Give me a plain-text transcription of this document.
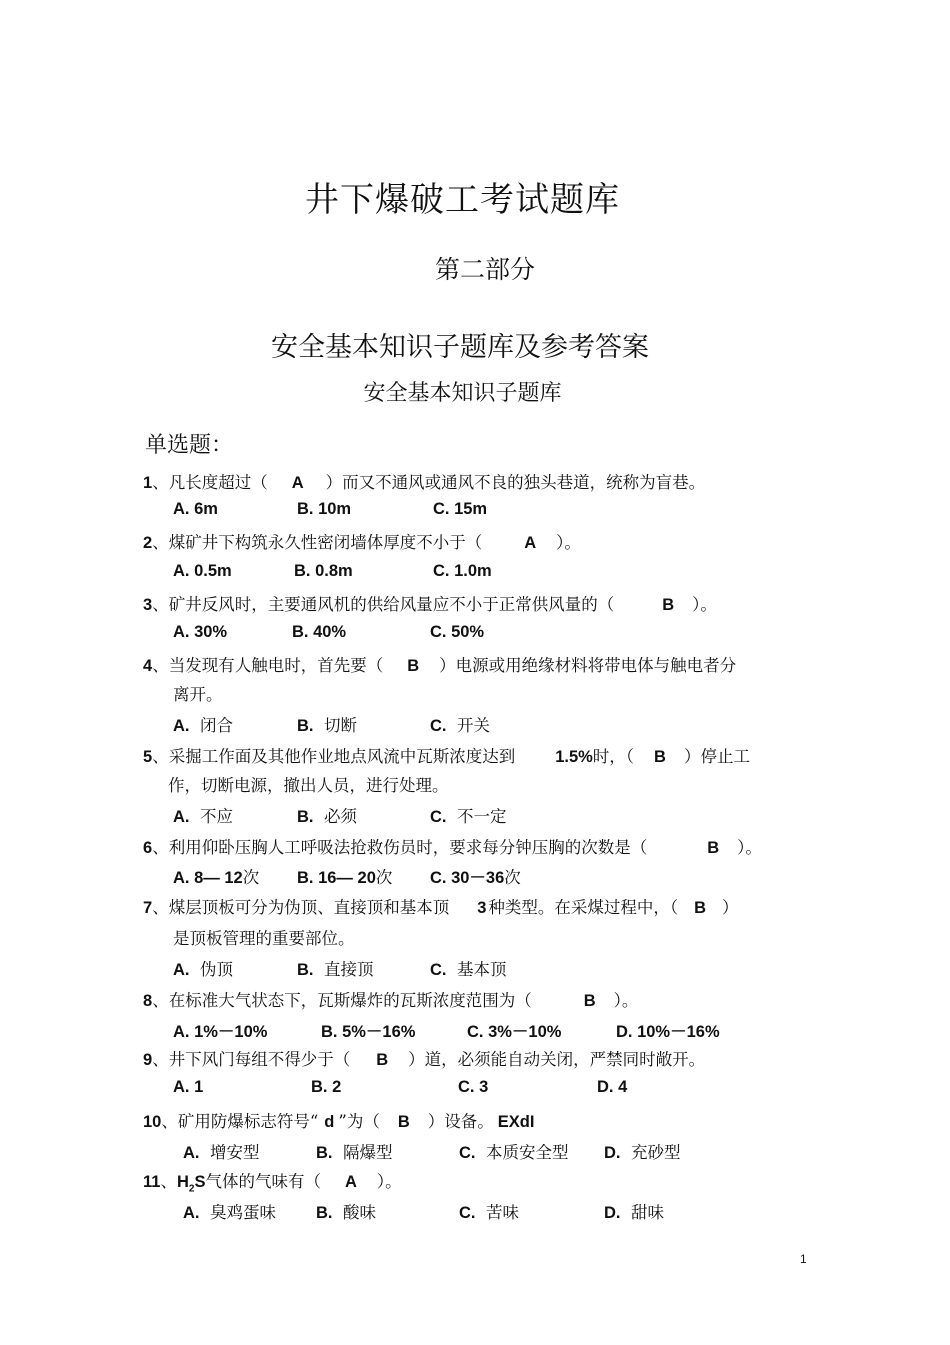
井下爆破工考试题库
第二部分
安全基本知识子题库及参考答案
安全基本知识子题库
单选题：
1、凡长度超过（ A ）而又不通风或通风不良的独头巷道，统称为盲巷。
A. 6m	B. 10m	C. 15m
2、煤矿井下构筑永久性密闭墙体厚度不小于（	A ）。
A. 0.5m	B. 0.8m	C. 1.0m
3、矿井反风时，主要通风机的供给风量应不小于正常供风量的（	B ）。
A. 30%	B. 40%	C. 50%
4、当发现有人触电时，首先要（ B ）电源或用绝缘材料将带电体与触电者分
离开。
A. 闭合	B. 切断	C. 开关
5、采掘工作面及其他作业地点风流中瓦斯浓度达到 1.5%时，（ B ）停止工
作，切断电源，撤出人员，进行处理。
A. 不应	B. 必须	C. 不一定
6、利用仰卧压胸人工呼吸法抢救伤员时，要求每分钟压胸的次数是（	B ）。
A. 8— 12次 B. 16— 20次 C. 30－36次
7、煤层顶板可分为伪顶、直接顶和基本顶 3 种类型。在采煤过程中，（ B ）
是顶板管理的重要部位。
A. 伪顶	B. 直接顶	C. 基本顶
8、在标准大气状态下，瓦斯爆炸的瓦斯浓度范围为（	B ）。
A. 1%－10%	B. 5%－16%	C. 3%－10%	D. 10%－16%
9、井下风门每组不得少于（ B ）道，必须能自动关闭，严禁同时敞开。
A. 1	B. 2	C. 3	D. 4
10、矿用防爆标志符号“ d ”为（ B ）设备。 EXdI
A. 增安型	B. 隔爆型	C. 本质安全型 D. 充砂型
11、$H_2S$气体的气味有（ A ）。
A. 臭鸡蛋味 B. 酸味	C. 苦味	D. 甜味
1
